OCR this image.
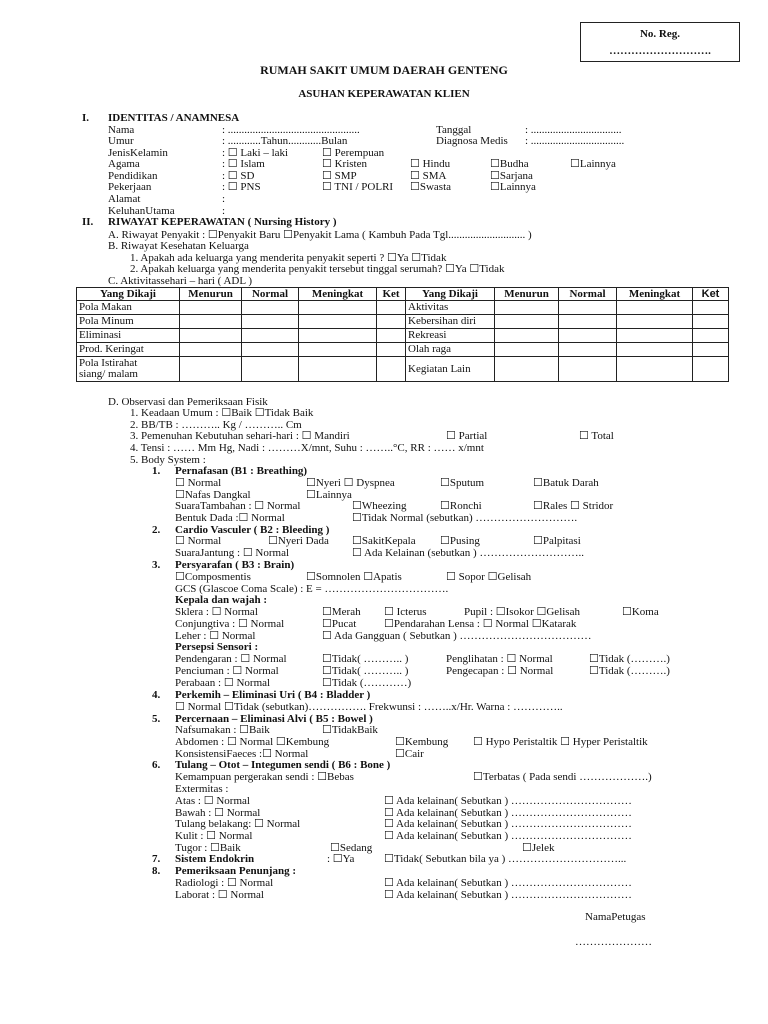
No. Reg.
……………………….
RUMAH SAKIT UMUM DAERAH GENTENG
ASUHAN KEPERAWATAN KLIEN
I. IDENTITAS / ANAMNESA
Nama	: ................................................
Umur	: ............Tahun............Bulan
JenisKelamin	: ☐ Laki – laki	☐ Perempuan
Agama	: ☐ Islam	☐ Kristen	☐ Hindu	☐Budha	☐Lainnya
Pendidikan	: ☐ SD	☐ SMP	☐ SMA	☐Sarjana
Pekerjaan	: ☐ PNS	☐ TNI / POLRI ☐Swasta	☐Lainnya
Alamat	:
KeluhanUtama	:
Tanggal	: .................................
Diagnosa Medis : ..................................
II. RIWAYAT KEPERAWATAN ( Nursing History )
A. Riwayat Penyakit : ☐Penyakit Baru ☐Penyakit Lama ( Kambuh Pada Tgl............................ )
B. Riwayat Kesehatan Keluarga
1. Apakah ada keluarga yang menderita penyakit seperti ? ☐Ya ☐Tidak
2. Apakah keluarga yang menderita penyakit tersebut tinggal serumah? ☐Ya ☐Tidak
C. Aktivitassehari – hari ( ADL )
Yang Dikaji	Menurun	Normal	Meningkat	Ket	Yang Dikaji	Menurun	Normal	Meningkat	Ket
Pola Makan					Aktivitas				
Pola Minum					Kebersihan diri				
Eliminasi					Rekreasi				
Prod. Keringat					Olah raga				

Pola Istirahat
siang/ malam					Kegiatan Lain				
D. Observasi dan Pemeriksaan Fisik
1. Keadaan Umum : ☐Baik ☐Tidak Baik
2. BB/TB : ……….. Kg / ……….. Cm
3. Pemenuhan Kebutuhan sehari-hari : ☐ Mandiri	☐ Partial	☐ Total
4. Tensi : …… Mm Hg, Nadi : ………X/mnt, Suhu : ……..°C, RR : …… x/mnt
5. Body System :
1. Pernafasan (B1 : Breathing)
☐ Normal	☐Nyeri ☐ Dyspnea	☐Sputum	☐Batuk Darah
☐Nafas Dangkal	☐Lainnya
SuaraTambahan : ☐ Normal	☐Wheezing	☐Ronchi	☐Rales ☐ Stridor
Bentuk Dada :☐ Normal	☐Tidak Normal (sebutkan) ……………………….
2. Cardio Vasculer ( B2 : Bleeding )
☐ Normal	☐Nyeri Dada ☐SakitKepala ☐Pusing	☐Palpitasi
SuaraJantung : ☐ Normal	☐ Ada Kelainan (sebutkan ) ………………………..
3. Persyarafan ( B3 : Brain)
☐Composmentis	☐Somnolen ☐Apatis	☐ Sopor ☐Gelisah
GCS (Glascoe Coma Scale) : E = …………………………….
Kepala dan wajah :
Sklera : ☐ Normal	☐Merah ☐ Icterus	Pupil : ☐Isokor ☐Gelisah	☐Koma
Conjungtiva : ☐ Normal	☐Pucat	☐Pendarahan Lensa : ☐ Normal ☐Katarak
Leher : ☐ Normal	☐ Ada Gangguan ( Sebutkan ) ………………………………
Persepsi Sensori :
Pendengaran : ☐ Normal	☐Tidak( ……….. )	Penglihatan : ☐ Normal	☐Tidak (……….)
Penciuman : ☐ Normal	☐Tidak( ……….. )	Pengecapan : ☐ Normal	☐Tidak (……….)
Perabaan : ☐ Normal	☐Tidak (…………)
4. Perkemih – Eliminasi Uri ( B4 : Bladder )
☐ Normal ☐Tidak (sebutkan)……………. Frekwunsi : ……..x/Hr. Warna : …………..
5. Percernaan – Eliminasi Alvi ( B5 : Bowel )
Nafsumakan : ☐Baik	☐TidakBaik
Abdomen : ☐ Normal ☐Kembung	☐Kembung ☐ Hypo Peristaltik ☐ Hyper Peristaltik
KonsistensiFaeces :☐ Normal	☐Cair
6. Tulang – Otot – Integumen sendi ( B6 : Bone )
Kemampuan pergerakan sendi : ☐Bebas	☐Terbatas ( Pada sendi ……………….)
Extermitas :
Atas : ☐ Normal	☐ Ada kelainan( Sebutkan ) ……………………………
Bawah : ☐ Normal	☐ Ada kelainan( Sebutkan ) ……………………………
Tulang belakang: ☐ Normal	☐ Ada kelainan( Sebutkan ) ……………………………
Kulit : ☐ Normal	☐ Ada kelainan( Sebutkan ) ……………………………
Tugor : ☐Baik	☐Sedang	☐Jelek
7. Sistem Endokrin	: ☐Ya	☐Tidak( Sebutkan bila ya ) …………………………...
8. Pemeriksaan Penunjang :
Radiologi : ☐ Normal	☐ Ada kelainan( Sebutkan ) ……………………………
Laborat : ☐ Normal	☐ Ada kelainan( Sebutkan ) ……………………………
NamaPetugas
…………………
